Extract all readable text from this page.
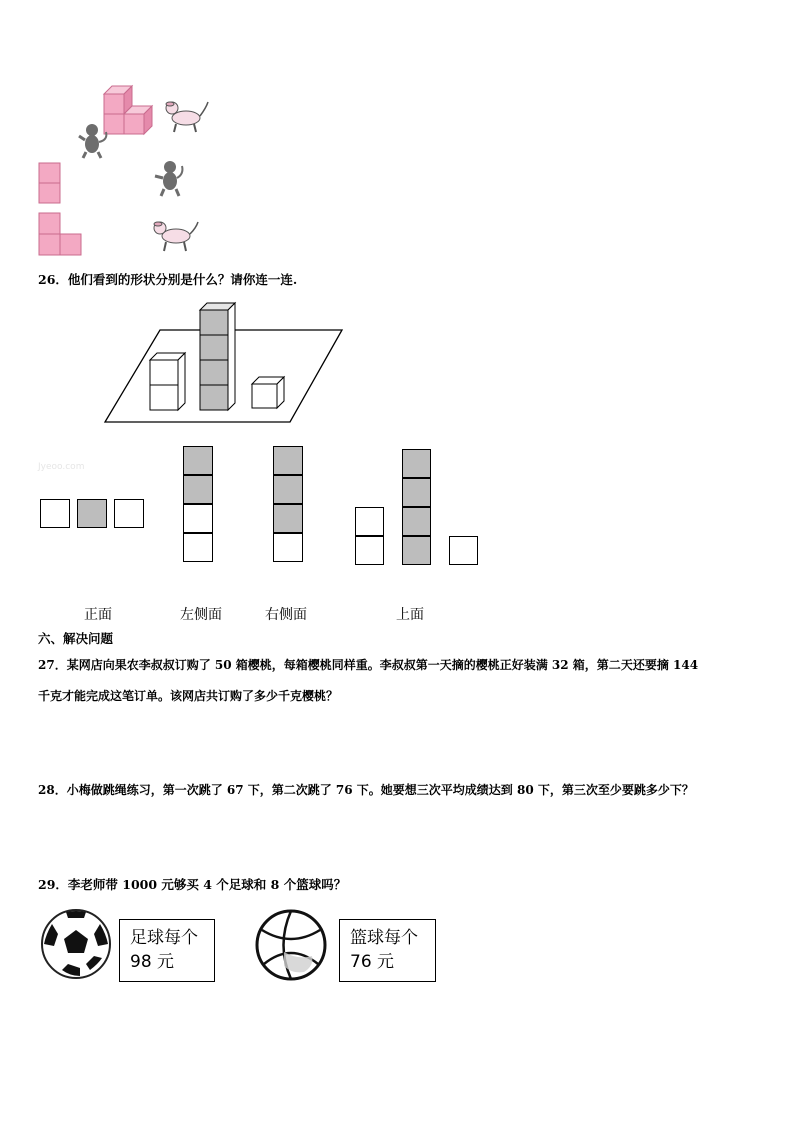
26．他们看到的形状分别是什么？请你连一连.
Jyeoo.com
正面	左侧面	右侧面	上面
六、解决问题
27．某网店向果农李叔叔订购了 50 箱樱桃，每箱樱桃同样重。李叔叔第一天摘的樱桃正好装满 32 箱，第二天还要摘 144
千克才能完成这笔订单。该网店共订购了多少千克樱桃？
28．小梅做跳绳练习，第一次跳了 67 下，第二次跳了 76 下。她要想三次平均成绩达到 80 下，第三次至少要跳多少下？
29．李老师带 1000 元够买 4 个足球和 8 个篮球吗？
足球每个
98 元
篮球每个
76 元
